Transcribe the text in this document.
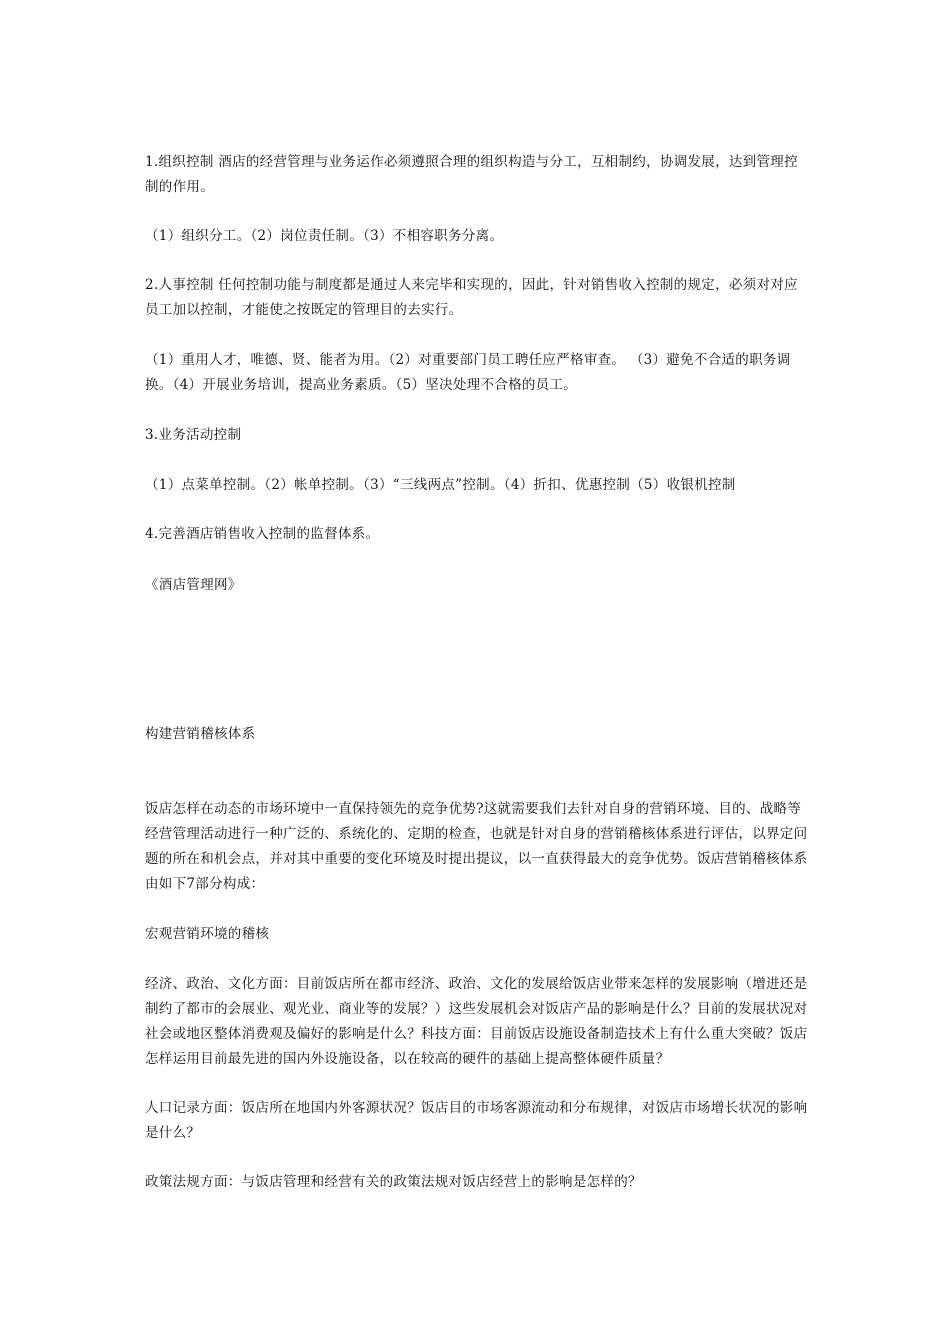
1.组织控制 酒店的经营管理与业务运作必须遵照合理的组织构造与分工，互相制约，协调发展，达到管理控制的作用。

（1）组织分工。（2）岗位责任制。（3）不相容职务分离。

2.人事控制 任何控制功能与制度都是通过人来完毕和实现的，因此，针对销售收入控制的规定，必须对对应员工加以控制，才能使之按既定的管理目的去实行。

（1）重用人才，唯德、贤、能者为用。（2）对重要部门员工聘任应严格审查。 （3）避免不合适的职务调换。（4）开展业务培训，提高业务素质。（5）坚决处理不合格的员工。

3.业务活动控制

（1）点菜单控制。（2）帐单控制。（3）“三线两点”控制。（4）折扣、优惠控制（5）收银机控制

4.完善酒店销售收入控制的监督体系。

《酒店管理网》

构建营销稽核体系

饭店怎样在动态的市场环境中一直保持领先的竞争优势?这就需要我们去针对自身的营销环境、目的、战略等经营管理活动进行一种广泛的、系统化的、定期的检查，也就是针对自身的营销稽核体系进行评估，以界定问题的所在和机会点，并对其中重要的变化环境及时提出提议，以一直获得最大的竞争优势。饭店营销稽核体系由如下7部分构成：

宏观营销环境的稽核

经济、政治、文化方面：目前饭店所在都市经济、政治、文化的发展给饭店业带来怎样的发展影响（增进还是制约了都市的会展业、观光业、商业等的发展？）这些发展机会对饭店产品的影响是什么？目前的发展状况对社会或地区整体消费观及偏好的影响是什么？科技方面：目前饭店设施设备制造技术上有什么重大突破？饭店怎样运用目前最先进的国内外设施设备，以在较高的硬件的基础上提高整体硬件质量？

人口记录方面：饭店所在地国内外客源状况？饭店目的市场客源流动和分布规律，对饭店市场增长状况的影响是什么？

政策法规方面：与饭店管理和经营有关的政策法规对饭店经营上的影响是怎样的？
